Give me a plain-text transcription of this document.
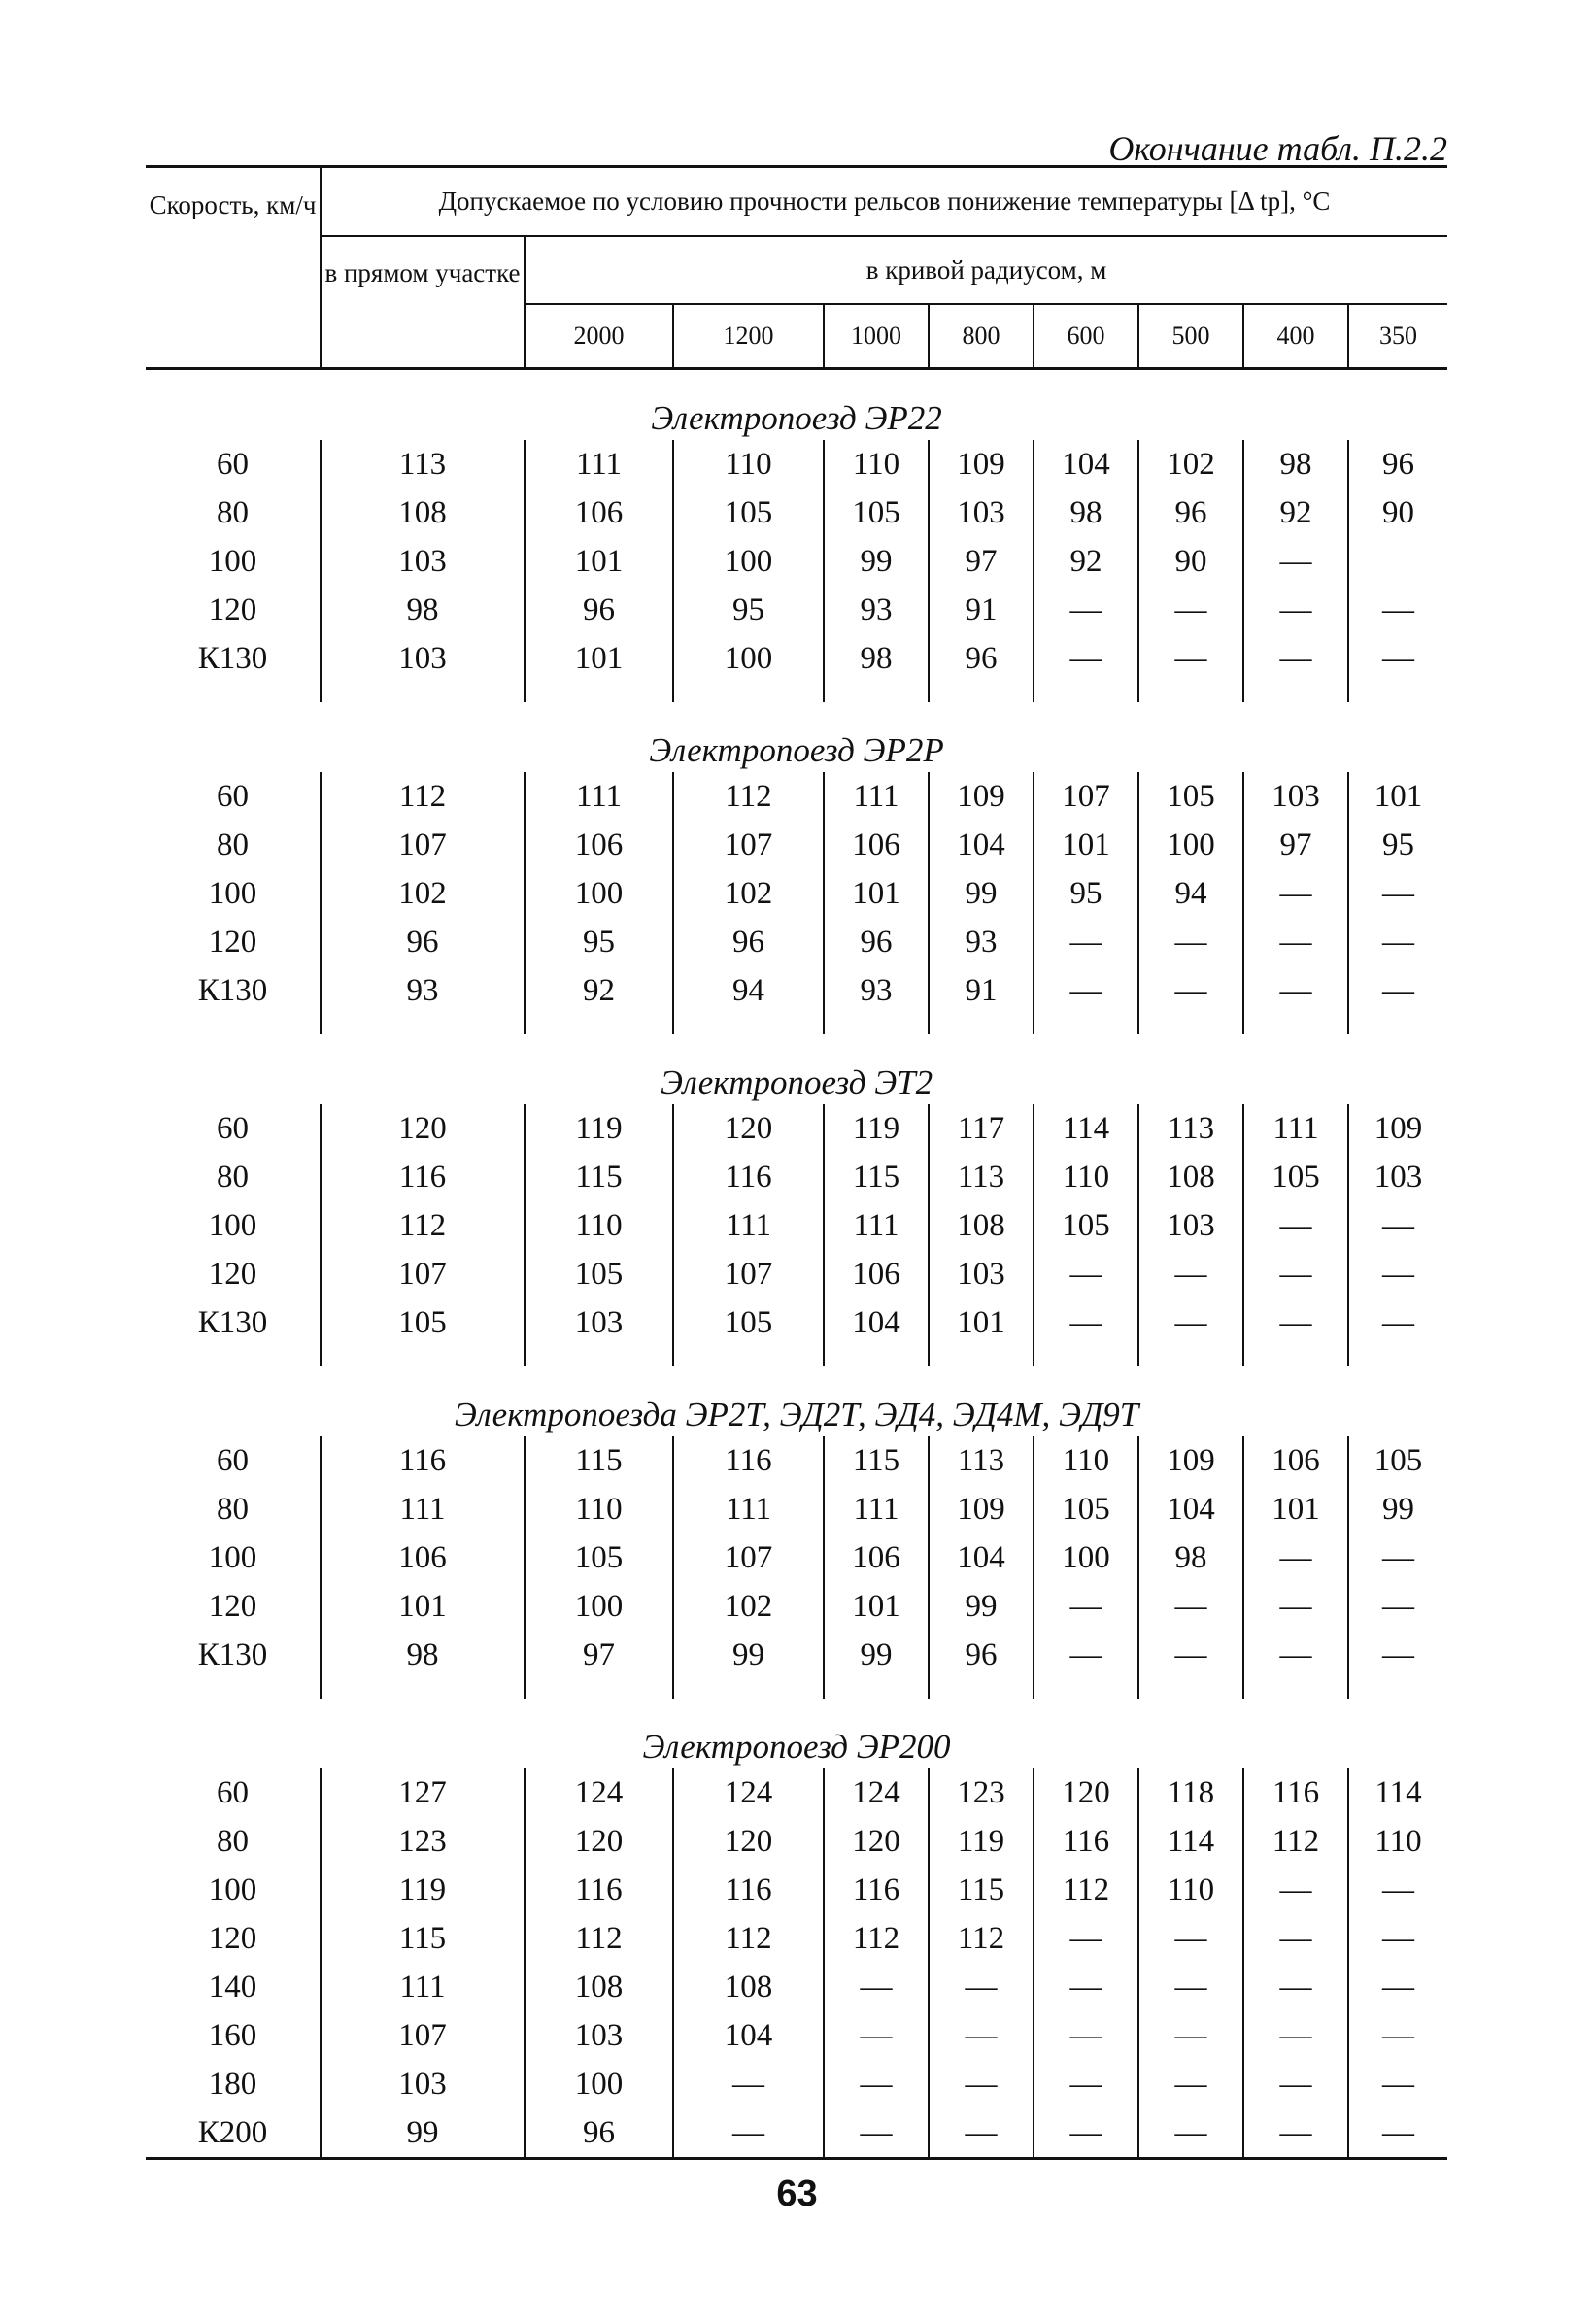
Окончание табл. П.2.2
Скорость, км/ч	Допускаемое по условию прочности рельсов понижение температуры [Δ tр], °C								
	в прямом участке	в кривой радиусом, м							
		2000	1200	1000	800	600	500	400	350

Электропоезд ЭР22									
60	113	111	110	110	109	104	102	98	96
80	108	106	105	105	103	98	96	92	90
100	103	101	100	99	97	92	90	—	
120	98	96	95	93	91	—	—	—	—
К130	103	101	100	98	96	—	—	—	—

Электропоезд ЭР2Р									
60	112	111	112	111	109	107	105	103	101
80	107	106	107	106	104	101	100	97	95
100	102	100	102	101	99	95	94	—	—
120	96	95	96	96	93	—	—	—	—
К130	93	92	94	93	91	—	—	—	—

Электропоезд ЭТ2									
60	120	119	120	119	117	114	113	111	109
80	116	115	116	115	113	110	108	105	103
100	112	110	111	111	108	105	103	—	—
120	107	105	107	106	103	—	—	—	—
К130	105	103	105	104	101	—	—	—	—

Электропоезда ЭР2Т, ЭД2Т, ЭД4, ЭД4М, ЭД9Т									
60	116	115	116	115	113	110	109	106	105
80	111	110	111	111	109	105	104	101	99
100	106	105	107	106	104	100	98	—	—
120	101	100	102	101	99	—	—	—	—
К130	98	97	99	99	96	—	—	—	—

Электропоезд ЭР200									
60	127	124	124	124	123	120	118	116	114
80	123	120	120	120	119	116	114	112	110
100	119	116	116	116	115	112	110	—	—
120	115	112	112	112	112	—	—	—	—
140	111	108	108	—	—	—	—	—	—
160	107	103	104	—	—	—	—	—	—
180	103	100	—	—	—	—	—	—	—
К200	99	96	—	—	—	—	—	—	—
63
